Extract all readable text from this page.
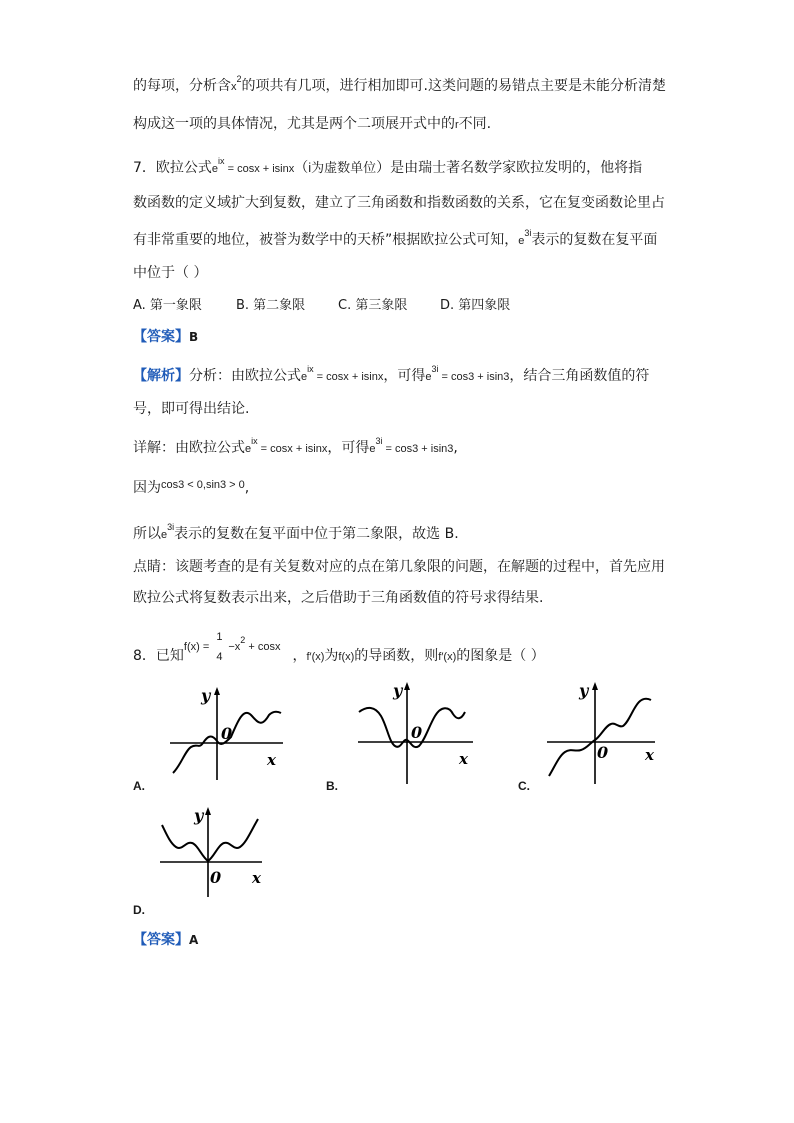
的每项，分析含$x^2$的项共有几项，进行相加即可.这类问题的易错点主要是未能分析清楚
构成这一项的具体情况，尤其是两个二项展开式中的r不同.
7．欧拉公式$e^{ix} = \cos x + isinx(i$为虚数单位）是由瑞士著名数学家欧拉发明的，他将指
数函数的定义域扩大到复数，建立了三角函数和指数函数的关系，它在复变函数论里占
有非常重要的地位，被誉为数学中的天桥”根据欧拉公式可知，$e^{3i}$表示的复数在复平面
中位于（ ）
A. 第一象限	B. 第二象限	C. 第三象限	D. 第四象限
【答案】B
【解析】分析：由欧拉公式$e^{ix} = \cos x + isinx$，可得$e^{3i} = \cos 3 + isin3$，结合三角函数值的符
号，即可得出结论.
详解：由欧拉公式$e^{ix} = \cos x + isinx$，可得$e^{3i} = \cos 3 + isin3$,
因为$^{cos3 < 0,sin3 > 0}$,
所以$e^{3i}$表示的复数在复平面中位于第二象限，故选 B.
点睛：该题考查的是有关复数对应的点在第几象限的问题，在解题的过程中，首先应用
欧拉公式将复数表示出来，之后借助于三角函数值的符号求得结果.
8．已知$^{f(x) =}$
1
4
$^{-x2}$ $^{+ cosx}$，f′(x)为f(x)的导函数，则f′(x)的图象是（ ）
y
0
x
A.
y
0
x
B.
y
0 x
C.
y
0 x
D.
【答案】A
